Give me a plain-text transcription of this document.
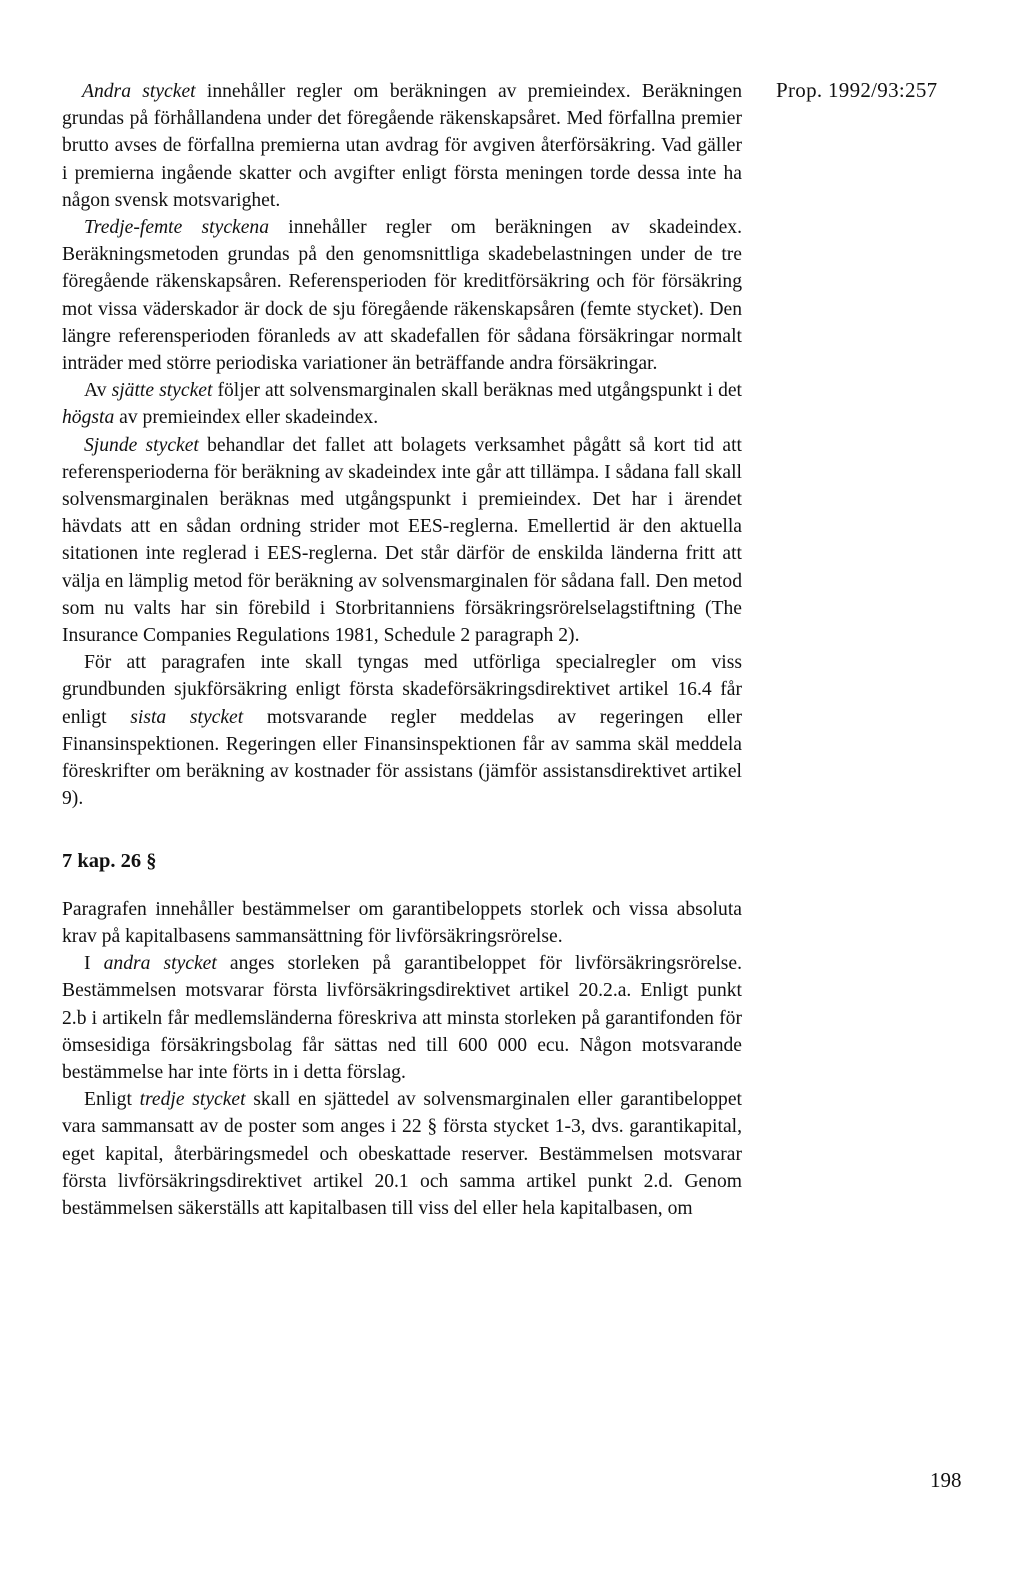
Prop. 1992/93:257

Andra stycket innehåller regler om beräkningen av premieindex. Beräkningen grundas på förhållandena under det föregående räkenskapsåret. Med förfallna premier brutto avses de förfallna premierna utan avdrag för avgiven återförsäkring. Vad gäller i premierna ingående skatter och avgifter enligt första meningen torde dessa inte ha någon svensk motsvarighet.

Tredje-femte styckena innehåller regler om beräkningen av skadeindex. Beräkningsmetoden grundas på den genomsnittliga skadebelastningen under de tre föregående räkenskapsåren. Referensperioden för kreditförsäkring och för försäkring mot vissa väderskador är dock de sju föregående räkenskapsåren (femte stycket). Den längre referensperioden föranleds av att skadefallen för sådana försäkringar normalt inträder med större periodiska variationer än beträffande andra försäkringar.

Av sjätte stycket följer att solvensmarginalen skall beräknas med utgångspunkt i det högsta av premieindex eller skadeindex.

Sjunde stycket behandlar det fallet att bolagets verksamhet pågått så kort tid att referensperioderna för beräkning av skadeindex inte går att tillämpa. I sådana fall skall solvensmarginalen beräknas med utgångspunkt i premieindex. Det har i ärendet hävdats att en sådan ordning strider mot EES-reglerna. Emellertid är den aktuella sitationen inte reglerad i EES-reglerna. Det står därför de enskilda länderna fritt att välja en lämplig metod för beräkning av solvensmarginalen för sådana fall. Den metod som nu valts har sin förebild i Storbritanniens försäkringsrörelselagstiftning (The Insurance Companies Regulations 1981, Schedule 2 paragraph 2).

För att paragrafen inte skall tyngas med utförliga specialregler om viss grundbunden sjukförsäkring enligt första skadeförsäkringsdirektivet artikel 16.4 får enligt sista stycket motsvarande regler meddelas av regeringen eller Finansinspektionen. Regeringen eller Finansinspektionen får av samma skäl meddela föreskrifter om beräkning av kostnader för assistans (jämför assistansdirektivet artikel 9).

7 kap. 26 §

Paragrafen innehåller bestämmelser om garantibeloppets storlek och vissa absoluta krav på kapitalbasens sammansättning för livförsäkringsrörelse.

I andra stycket anges storleken på garantibeloppet för livförsäkringsrörelse. Bestämmelsen motsvarar första livförsäkringsdirektivet artikel 20.2.a. Enligt punkt 2.b i artikeln får medlemsländerna föreskriva att minsta storleken på garantifonden för ömsesidiga försäkringsbolag får sättas ned till 600 000 ecu. Någon motsvarande bestämmelse har inte förts in i detta förslag.

Enligt tredje stycket skall en sjättedel av solvensmarginalen eller garantibeloppet vara sammansatt av de poster som anges i 22 § första stycket 1-3, dvs. garantikapital, eget kapital, återbäringsmedel och obeskattade reserver. Bestämmelsen motsvarar första livförsäkringsdirektivet artikel 20.1 och samma artikel punkt 2.d. Genom bestämmelsen säkerställs att kapitalbasen till viss del eller hela kapitalbasen, om

198
